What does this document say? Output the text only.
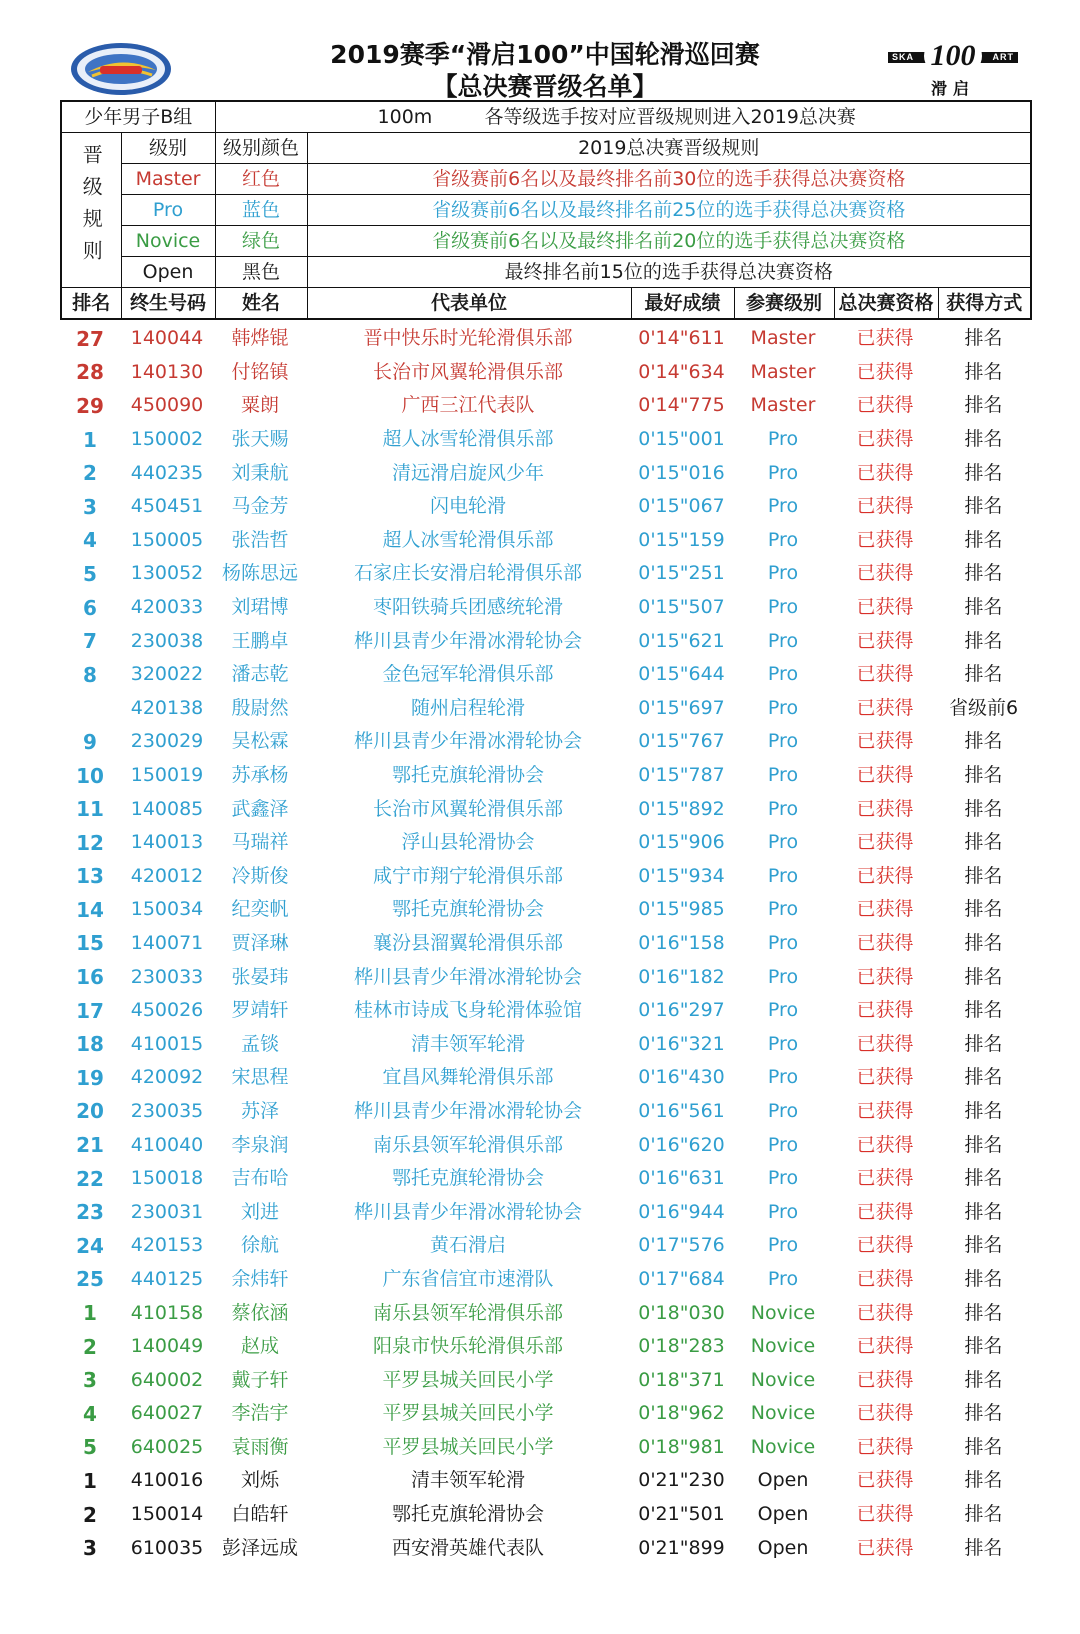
2019赛季“滑启100”中国轮滑巡回赛
【总决赛晋级名单】
SKA	ART
100
滑启
少年男子B组		100m 各等级选手按对应晋级规则进入2019总决赛					

晋级规则	级别	级别颜色	2019总决赛晋级规则				
	Master	红色	省级赛前6名以及最终排名前30位的选手获得总决赛资格				
	Pro	蓝色	省级赛前6名以及最终排名前25位的选手获得总决赛资格				
	Novice	绿色	省级赛前6名以及最终排名前20位的选手获得总决赛资格				
	Open	黑色	最终排名前15位的选手获得总决赛资格				
排名	终生号码	姓名	代表单位	最好成绩	参赛级别	总决赛资格	获得方式
27	140044	韩烨锟	晋中快乐时光轮滑俱乐部	0'14"611	Master	已获得	排名
28	140130	付铭镇	长治市风翼轮滑俱乐部	0'14"634	Master	已获得	排名
29	450090	粟朗	广西三江代表队	0'14"775	Master	已获得	排名
1	150002	张天赐	超人冰雪轮滑俱乐部	0'15"001	Pro	已获得	排名
2	440235	刘秉航	清远滑启旋风少年	0'15"016	Pro	已获得	排名
3	450451	马金芳	闪电轮滑	0'15"067	Pro	已获得	排名
4	150005	张浩哲	超人冰雪轮滑俱乐部	0'15"159	Pro	已获得	排名
5	130052	杨陈思远	石家庄长安滑启轮滑俱乐部	0'15"251	Pro	已获得	排名
6	420033	刘珺博	枣阳铁骑兵团感统轮滑	0'15"507	Pro	已获得	排名
7	230038	王鹏卓	桦川县青少年滑冰滑轮协会	0'15"621	Pro	已获得	排名
8	320022	潘志乾	金色冠军轮滑俱乐部	0'15"644	Pro	已获得	排名
	420138	殷尉然	随州启程轮滑	0'15"697	Pro	已获得	省级前6
9	230029	吴松霖	桦川县青少年滑冰滑轮协会	0'15"767	Pro	已获得	排名
10	150019	苏承杨	鄂托克旗轮滑协会	0'15"787	Pro	已获得	排名
11	140085	武鑫泽	长治市风翼轮滑俱乐部	0'15"892	Pro	已获得	排名
12	140013	马瑞祥	浮山县轮滑协会	0'15"906	Pro	已获得	排名
13	420012	冷斯俊	咸宁市翔宁轮滑俱乐部	0'15"934	Pro	已获得	排名
14	150034	纪奕帆	鄂托克旗轮滑协会	0'15"985	Pro	已获得	排名
15	140071	贾泽琳	襄汾县溜翼轮滑俱乐部	0'16"158	Pro	已获得	排名
16	230033	张晏玮	桦川县青少年滑冰滑轮协会	0'16"182	Pro	已获得	排名
17	450026	罗靖轩	桂林市诗成飞身轮滑体验馆	0'16"297	Pro	已获得	排名
18	410015	孟锬	清丰领军轮滑	0'16"321	Pro	已获得	排名
19	420092	宋思程	宜昌风舞轮滑俱乐部	0'16"430	Pro	已获得	排名
20	230035	苏泽	桦川县青少年滑冰滑轮协会	0'16"561	Pro	已获得	排名
21	410040	李泉润	南乐县领军轮滑俱乐部	0'16"620	Pro	已获得	排名
22	150018	吉布哈	鄂托克旗轮滑协会	0'16"631	Pro	已获得	排名
23	230031	刘进	桦川县青少年滑冰滑轮协会	0'16"944	Pro	已获得	排名
24	420153	徐航	黄石滑启	0'17"576	Pro	已获得	排名
25	440125	余炜轩	广东省信宜市速滑队	0'17"684	Pro	已获得	排名
1	410158	蔡依涵	南乐县领军轮滑俱乐部	0'18"030	Novice	已获得	排名
2	140049	赵成	阳泉市快乐轮滑俱乐部	0'18"283	Novice	已获得	排名
3	640002	戴子轩	平罗县城关回民小学	0'18"371	Novice	已获得	排名
4	640027	李浩宇	平罗县城关回民小学	0'18"962	Novice	已获得	排名
5	640025	袁雨衡	平罗县城关回民小学	0'18"981	Novice	已获得	排名
1	410016	刘烁	清丰领军轮滑	0'21"230	Open	已获得	排名
2	150014	白皓轩	鄂托克旗轮滑协会	0'21"501	Open	已获得	排名
3	610035	彭泽远成	西安滑英雄代表队	0'21"899	Open	已获得	排名
